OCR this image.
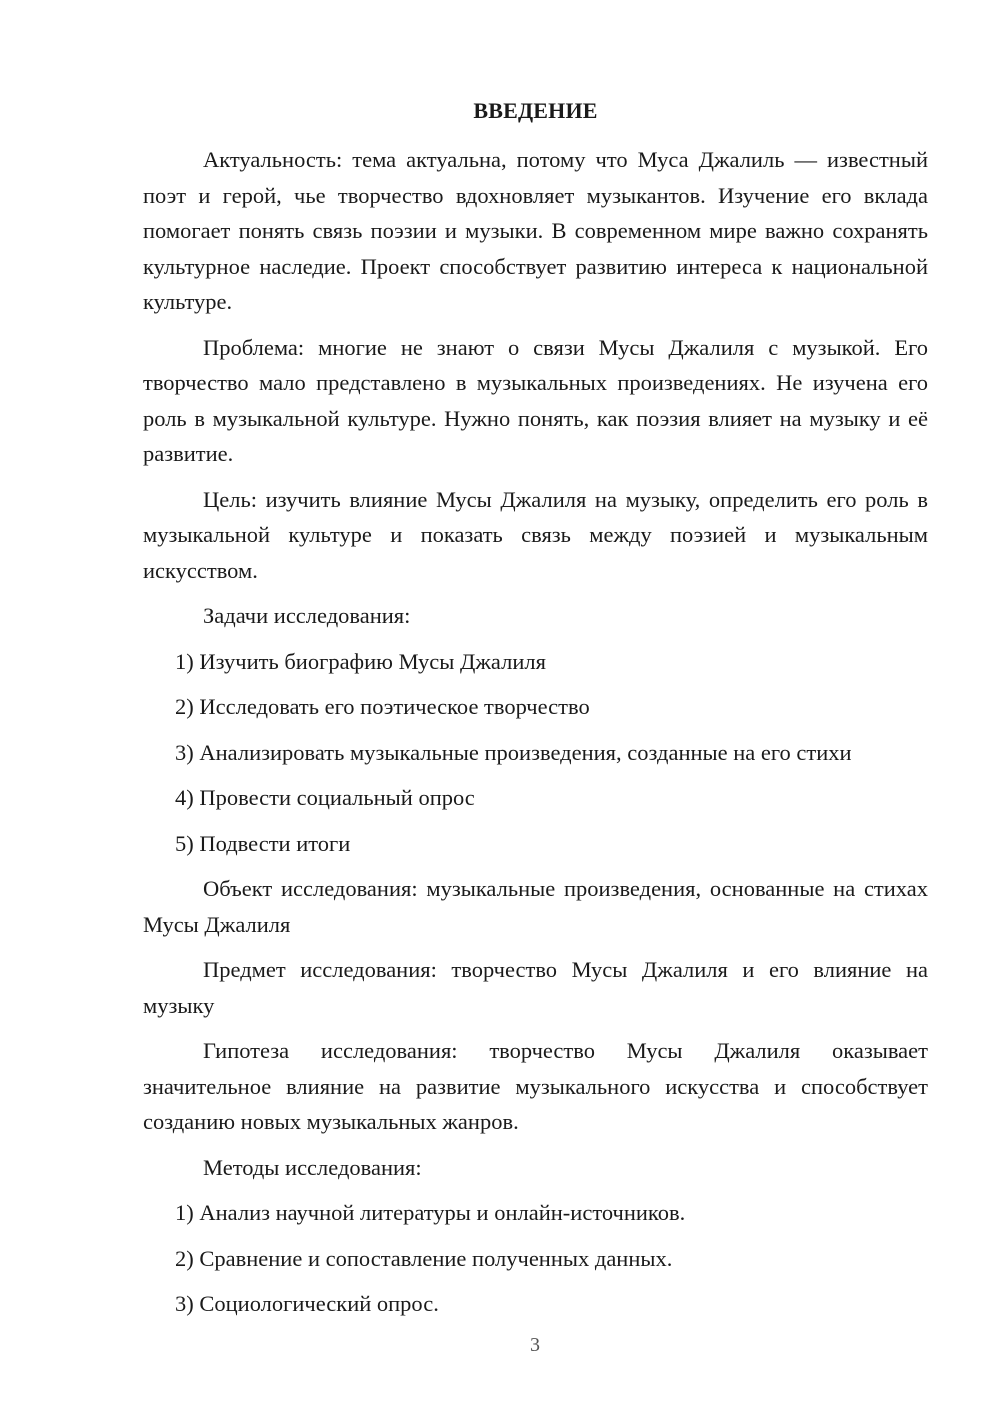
ВВЕДЕНИЕ

Актуальность: тема актуальна, потому что Муса Джалиль — известный поэт и герой, чье творчество вдохновляет музыкантов. Изучение его вклада помогает понять связь поэзии и музыки. В современном мире важно сохранять культурное наследие. Проект способствует развитию интереса к национальной культуре.

Проблема: многие не знают о связи Мусы Джалиля с музыкой. Его творчество мало представлено в музыкальных произведениях. Не изучена его роль в музыкальной культуре. Нужно понять, как поэзия влияет на музыку и её развитие.

Цель: изучить влияние Мусы Джалиля на музыку, определить его роль в музыкальной культуре и показать связь между поэзией и музыкальным искусством.

Задачи исследования:

1) Изучить биографию Мусы Джалиля
2) Исследовать его поэтическое творчество
3) Анализировать музыкальные произведения, созданные на его стихи
4) Провести социальный опрос
5) Подвести итоги

Объект исследования: музыкальные произведения, основанные на стихах Мусы Джалиля

Предмет исследования: творчество Мусы Джалиля и его влияние на музыку

Гипотеза исследования: творчество Мусы Джалиля оказывает значительное влияние на развитие музыкального искусства и способствует созданию новых музыкальных жанров.

Методы исследования:

1) Анализ научной литературы и онлайн-источников.
2) Сравнение и сопоставление полученных данных.
3) Социологический опрос.
3
